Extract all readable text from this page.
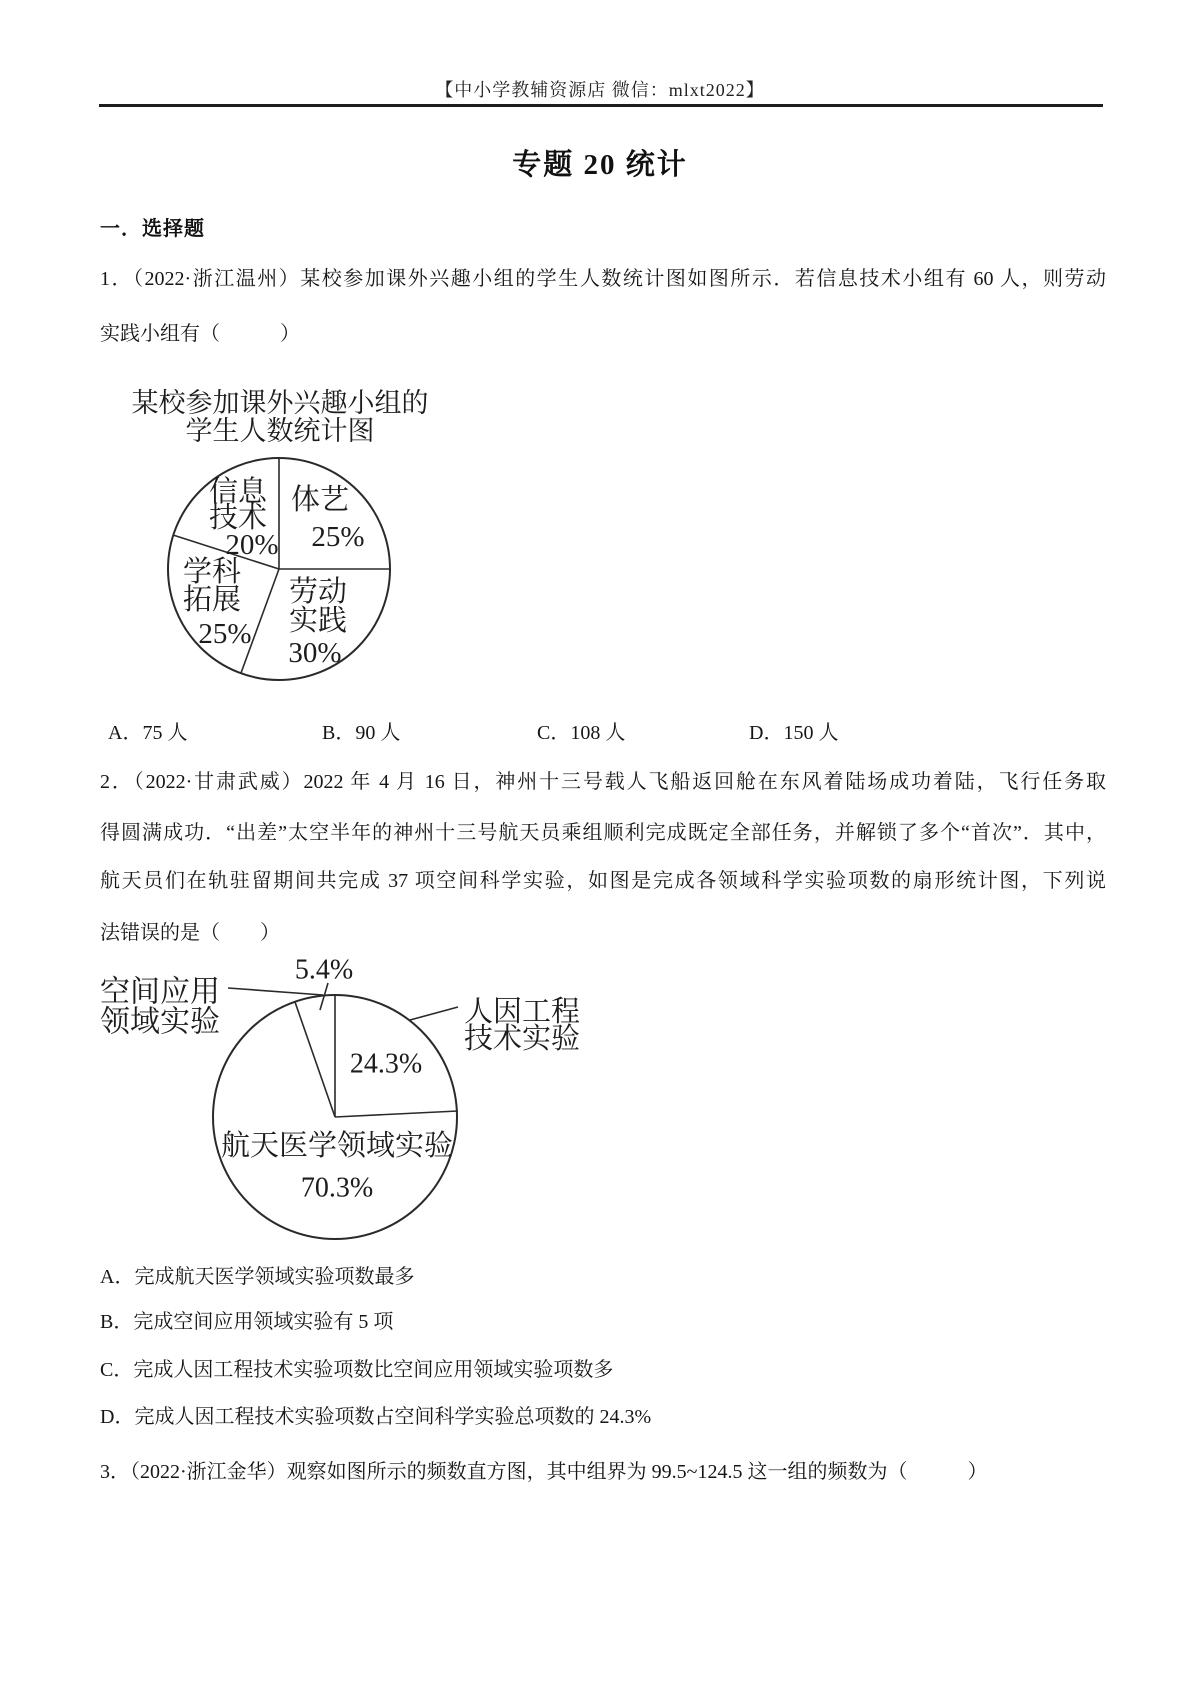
【中小学教辅资源店 微信：mlxt2022】
专题 20 统计
一．选择题
1．（2022·浙江温州）某校参加课外兴趣小组的学生人数统计图如图所示．若信息技术小组有 60 人，则劳动
实践小组有（　　　）
某校参加课外兴趣小组的
学生人数统计图
信息
技术
20%
体艺
25%
学科
拓展
25%
劳动
实践
30%
A．75 人	B．90 人	C．108 人	D．150 人
2．（2022·甘肃武威）2022 年 4 月 16 日，神州十三号载人飞船返回舱在东风着陆场成功着陆，飞行任务取
得圆满成功．“出差”太空半年的神州十三号航天员乘组顺利完成既定全部任务，并解锁了多个“首次”．其中，
航天员们在轨驻留期间共完成 37 项空间科学实验，如图是完成各领域科学实验项数的扇形统计图，下列说
法错误的是（　　）
5.4%
空间应用
领域实验	人因工程
技术实验
24.3%
航天医学领域实验
70.3%
A．完成航天医学领域实验项数最多
B．完成空间应用领域实验有 5 项
C．完成人因工程技术实验项数比空间应用领域实验项数多
D．完成人因工程技术实验项数占空间科学实验总项数的 24.3%
3．（2022·浙江金华）观察如图所示的频数直方图，其中组界为 99.5~124.5 这一组的频数为（　　　）
